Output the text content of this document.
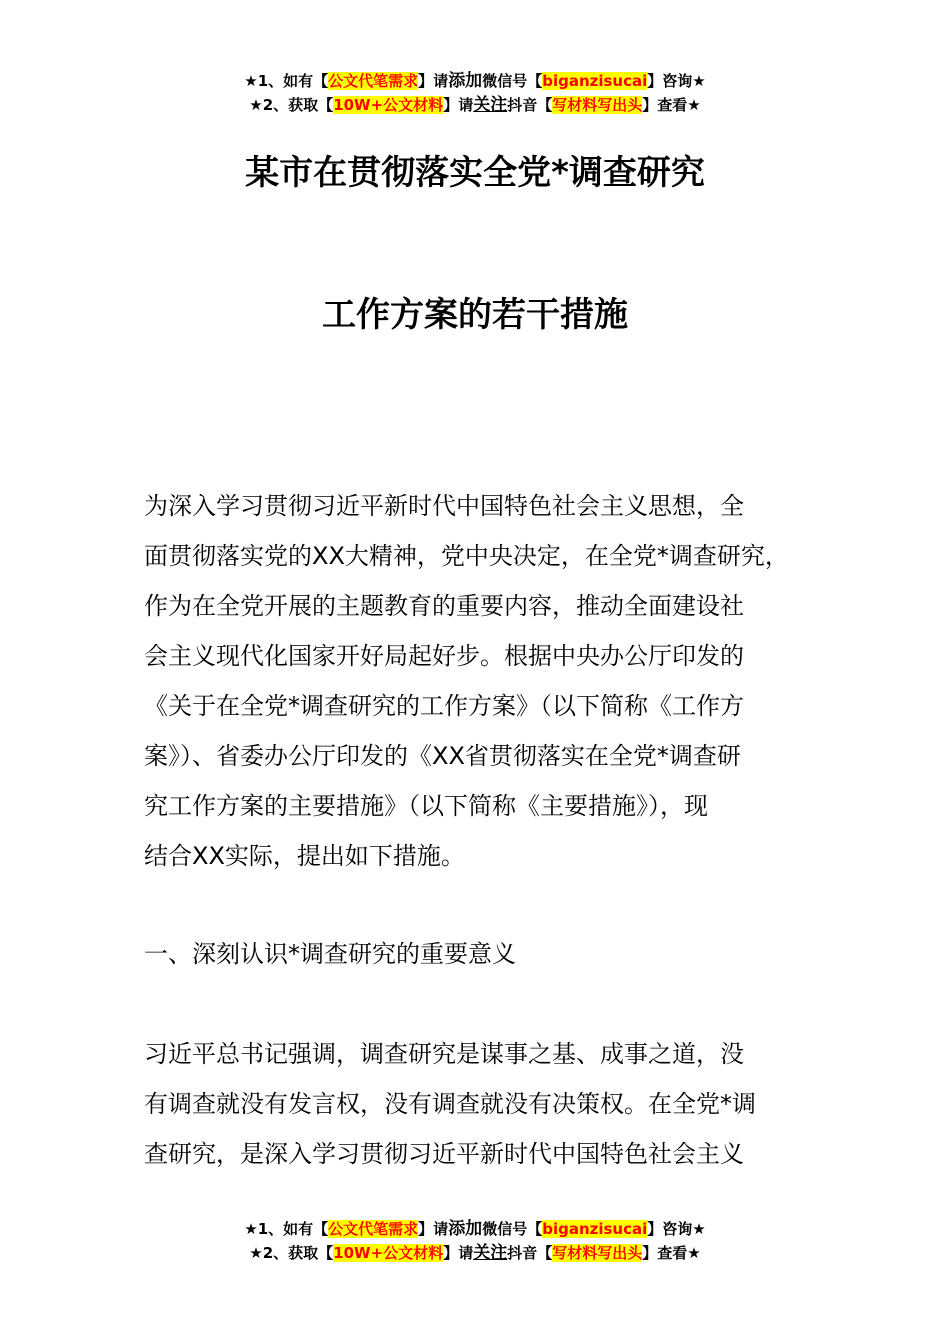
★1、如有【公文代笔需求】请添加微信号【biganzisucai】咨询★
★2、获取【10W+公文材料】请关注抖音【写材料写出头】查看★
某市在贯彻落实全党*调查研究
工作方案的若干措施
为深入学习贯彻习近平新时代中国特色社会主义思想，全
面贯彻落实党的XX大精神，党中央决定，在全党*调查研究，
作为在全党开展的主题教育的重要内容，推动全面建设社
会主义现代化国家开好局起好步。根据中央办公厅印发的
《关于在全党*调查研究的工作方案》（以下简称《工作方
案》）、省委办公厅印发的《XX省贯彻落实在全党*调查研
究工作方案的主要措施》（以下简称《主要措施》），现
结合XX实际，提出如下措施。
一、深刻认识*调查研究的重要意义
习近平总书记强调，调查研究是谋事之基、成事之道，没
有调查就没有发言权，没有调查就没有决策权。在全党*调
查研究，是深入学习贯彻习近平新时代中国特色社会主义
★1、如有【公文代笔需求】请添加微信号【biganzisucai】咨询★
★2、获取【10W+公文材料】请关注抖音【写材料写出头】查看★
